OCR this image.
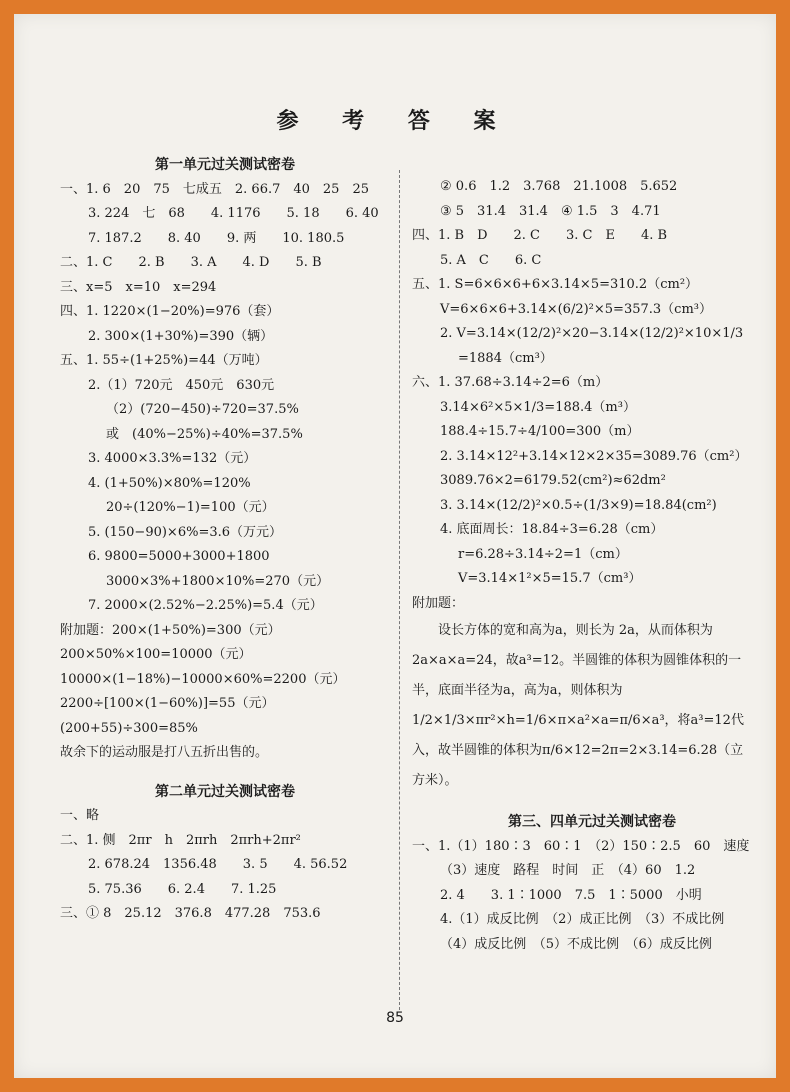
参 考 答 案
第一单元过关测试密卷
一、1. 6　20　75　七成五　2. 66.7　40　25　25
3. 224　七　68　　4. 1176　　5. 18　　6. 40
7. 187.2　　8. 40　　9. 两　　10. 180.5
二、1. C　　2. B　　3. A　　4. D　　5. B
三、x=5　x=10　x=294
四、1. 1220×(1−20%)=976（套）
2. 300×(1+30%)=390（辆）
五、1. 55÷(1+25%)=44（万吨）
2.（1）720元　450元　630元
（2）(720−450)÷720=37.5%
或　(40%−25%)÷40%=37.5%
3. 4000×3.3%=132（元）
4. (1+50%)×80%=120%
20÷(120%−1)=100（元）
5. (150−90)×6%=3.6（万元）
6. 9800=5000+3000+1800
3000×3%+1800×10%=270（元）
7. 2000×(2.52%−2.25%)=5.4（元）
附加题：200×(1+50%)=300（元）
200×50%×100=10000（元）
10000×(1−18%)−10000×60%=2200（元）
2200÷[100×(1−60%)]=55（元）
(200+55)÷300=85%
故余下的运动服是打八五折出售的。
第二单元过关测试密卷
一、略
二、1. 侧　2πr　h　2πrh　2πrh+2πr²
2. 678.24　1356.48　　3. 5　　4. 56.52
5. 75.36　　6. 2.4　　7. 1.25
三、① 8　25.12　376.8　477.28　753.6
② 0.6　1.2　3.768　21.1008　5.652
③ 5　31.4　31.4　④ 1.5　3　4.71
四、1. B　D　　2. C　　3. C　E　　4. B
5. A　C　　6. C
五、1. S=6×6×6+6×3.14×5=310.2（cm²）
V=6×6×6+3.14×(6/2)²×5=357.3（cm³）
2. V=3.14×(12/2)²×20−3.14×(12/2)²×10×1/3
=1884（cm³）
六、1. 37.68÷3.14÷2=6（m）
3.14×6²×5×1/3=188.4（m³）
188.4÷15.7÷4/100=300（m）
2. 3.14×12²+3.14×12×2×35=3089.76（cm²）
3089.76×2=6179.52(cm²)≈62dm²
3. 3.14×(12/2)²×0.5÷(1/3×9)=18.84(cm²)
4. 底面周长：18.84÷3=6.28（cm）
r=6.28÷3.14÷2=1（cm）
V=3.14×1²×5=15.7（cm³）
附加题：
设长方体的宽和高为a，则长为 2a，从而体积为 2a×a×a=24，故a³=12。半圆锥的体积为圆锥体积的一半，底面半径为a，高为a，则体积为1/2×1/3×πr²×h=1/6×π×a²×a=π/6×a³，将a³=12代入，故半圆锥的体积为π/6×12=2π=2×3.14=6.28（立方米）。
第三、四单元过关测试密卷
一、1.（1）180∶3　60∶1　（2）150∶2.5　60　速度
（3）速度　路程　时间　正　（4）60　1.2
2. 4　　3. 1∶1000　7.5　1∶5000　小明
4.（1）成反比例　（2）成正比例　（3）不成比例
（4）成反比例　（5）不成比例　（6）成反比例
85
